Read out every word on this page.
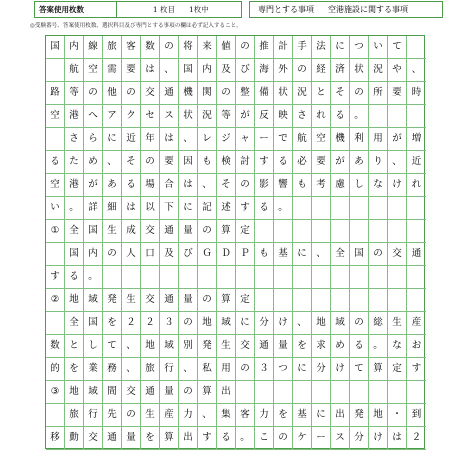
答案使用枚数	1 枚目	1枚中	専門とする事項 空港施設に関する事項
◎受験番号、答案使用枚数、選択科目及び専門とする事項の欄は必ず記入すること。
国 内 線 旅 客 数 の 将 来 値 の 推 計 手 法 に つ い て
航 空 需 要 は 、 国 内 及 び 海 外 の 経 済 状 況 や	、
路 等 の 他 の 交 通 機 関 の 整 備 状 況 と そ の 所 要	時
空 港 へ ア ク セ ス 状 況 等 が 反 映 さ れ る 。
さ ら に 近 年 は 、 レ ジ ャ ー で 航 空 機 利 用 が	増
る た め 、 そ の 要 因 も 検 討 す る 必 要 が あ り 、	近
空 港 が あ る 場 合 は 、 そ の 影 響 も 考 慮 し な け	れ
い 。 詳 細 は 以 下 に 記 述 す る 。
①	全 国 生 成 交 通 量 の 算 定
国 内 の 人 口 及 び Ｇ Ｄ Ｐ も 基 に 、 全 国 の 交	通
す る 。
②	地 域 発 生 交 通 量 の 算 定
全 国 を ２ ２ ３ の 地 域 に 分 け 、 地 域 の 総 生	産
数 と し て 、 地 域 別 発 生 交 通 量 を 求 め る 。 な	お
的 を 業 務 、 旅 行 、 私 用 の ３ つ に 分 け て 算 定	す
③	地 域 間 交 通 量 の 算 出
旅 行 先 の 生 産 力 、 集 客 力 を 基 に 出 発 地 ・	到
移 動 交 通 量 を 算 出 す る 。 こ の ケ ー ス 分 け は	２
